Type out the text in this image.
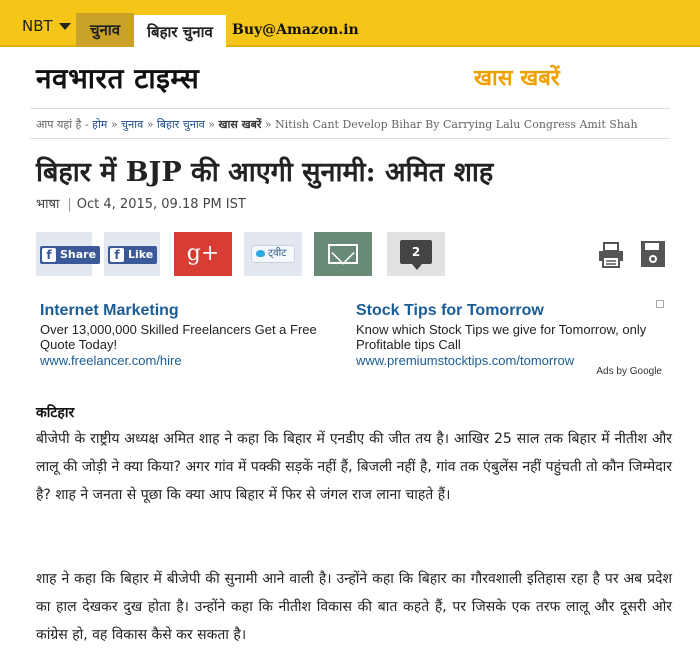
NBT	चुनाव	बिहार चुनाव	Buy@Amazon.in
नवभारत टाइम्स	खास खबरें
आप यहां है - होम » चुनाव » बिहार चुनाव » खास खबरें » Nitish Cant Develop Bihar By Carrying Lalu Congress Amit Shah
बिहार में BJP की आएगी सुनामी: अमित शाह
भाषा | Oct 4, 2015, 09.18 PM IST
f Share	f Like	g+	ट्वीट	2
Internet Marketing
Over 13,000,000 Skilled Freelancers Get a Free Quote Today!
www.freelancer.com/hire
Stock Tips for Tomorrow
Know which Stock Tips we give for Tomorrow, only Profitable tips Call
www.premiumstocktips.com/tomorrow
Ads by Google
कटिहार

बीजेपी के राष्ट्रीय अध्यक्ष अमित शाह ने कहा कि बिहार में एनडीए की जीत तय है। आखिर 25 साल तक बिहार में नीतीश और लालू की जोड़ी ने क्या किया? अगर गांव में पक्की सड़कें नहीं हैं, बिजली नहीं है, गांव तक एंबुलेंस नहीं पहुंचती तो कौन जिम्मेदार है? शाह ने जनता से पूछा कि क्या आप बिहार में फिर से जंगल राज लाना चाहते हैं।

शाह ने कहा कि बिहार में बीजेपी की सुनामी आने वाली है। उन्होंने कहा कि बिहार का गौरवशाली इतिहास रहा है पर अब प्रदेश का हाल देखकर दुख होता है। उन्होंने कहा कि नीतीश विकास की बात कहते हैं, पर जिसके एक तरफ लालू और दूसरी ओर कांग्रेस हो, वह विकास कैसे कर सकता है।
